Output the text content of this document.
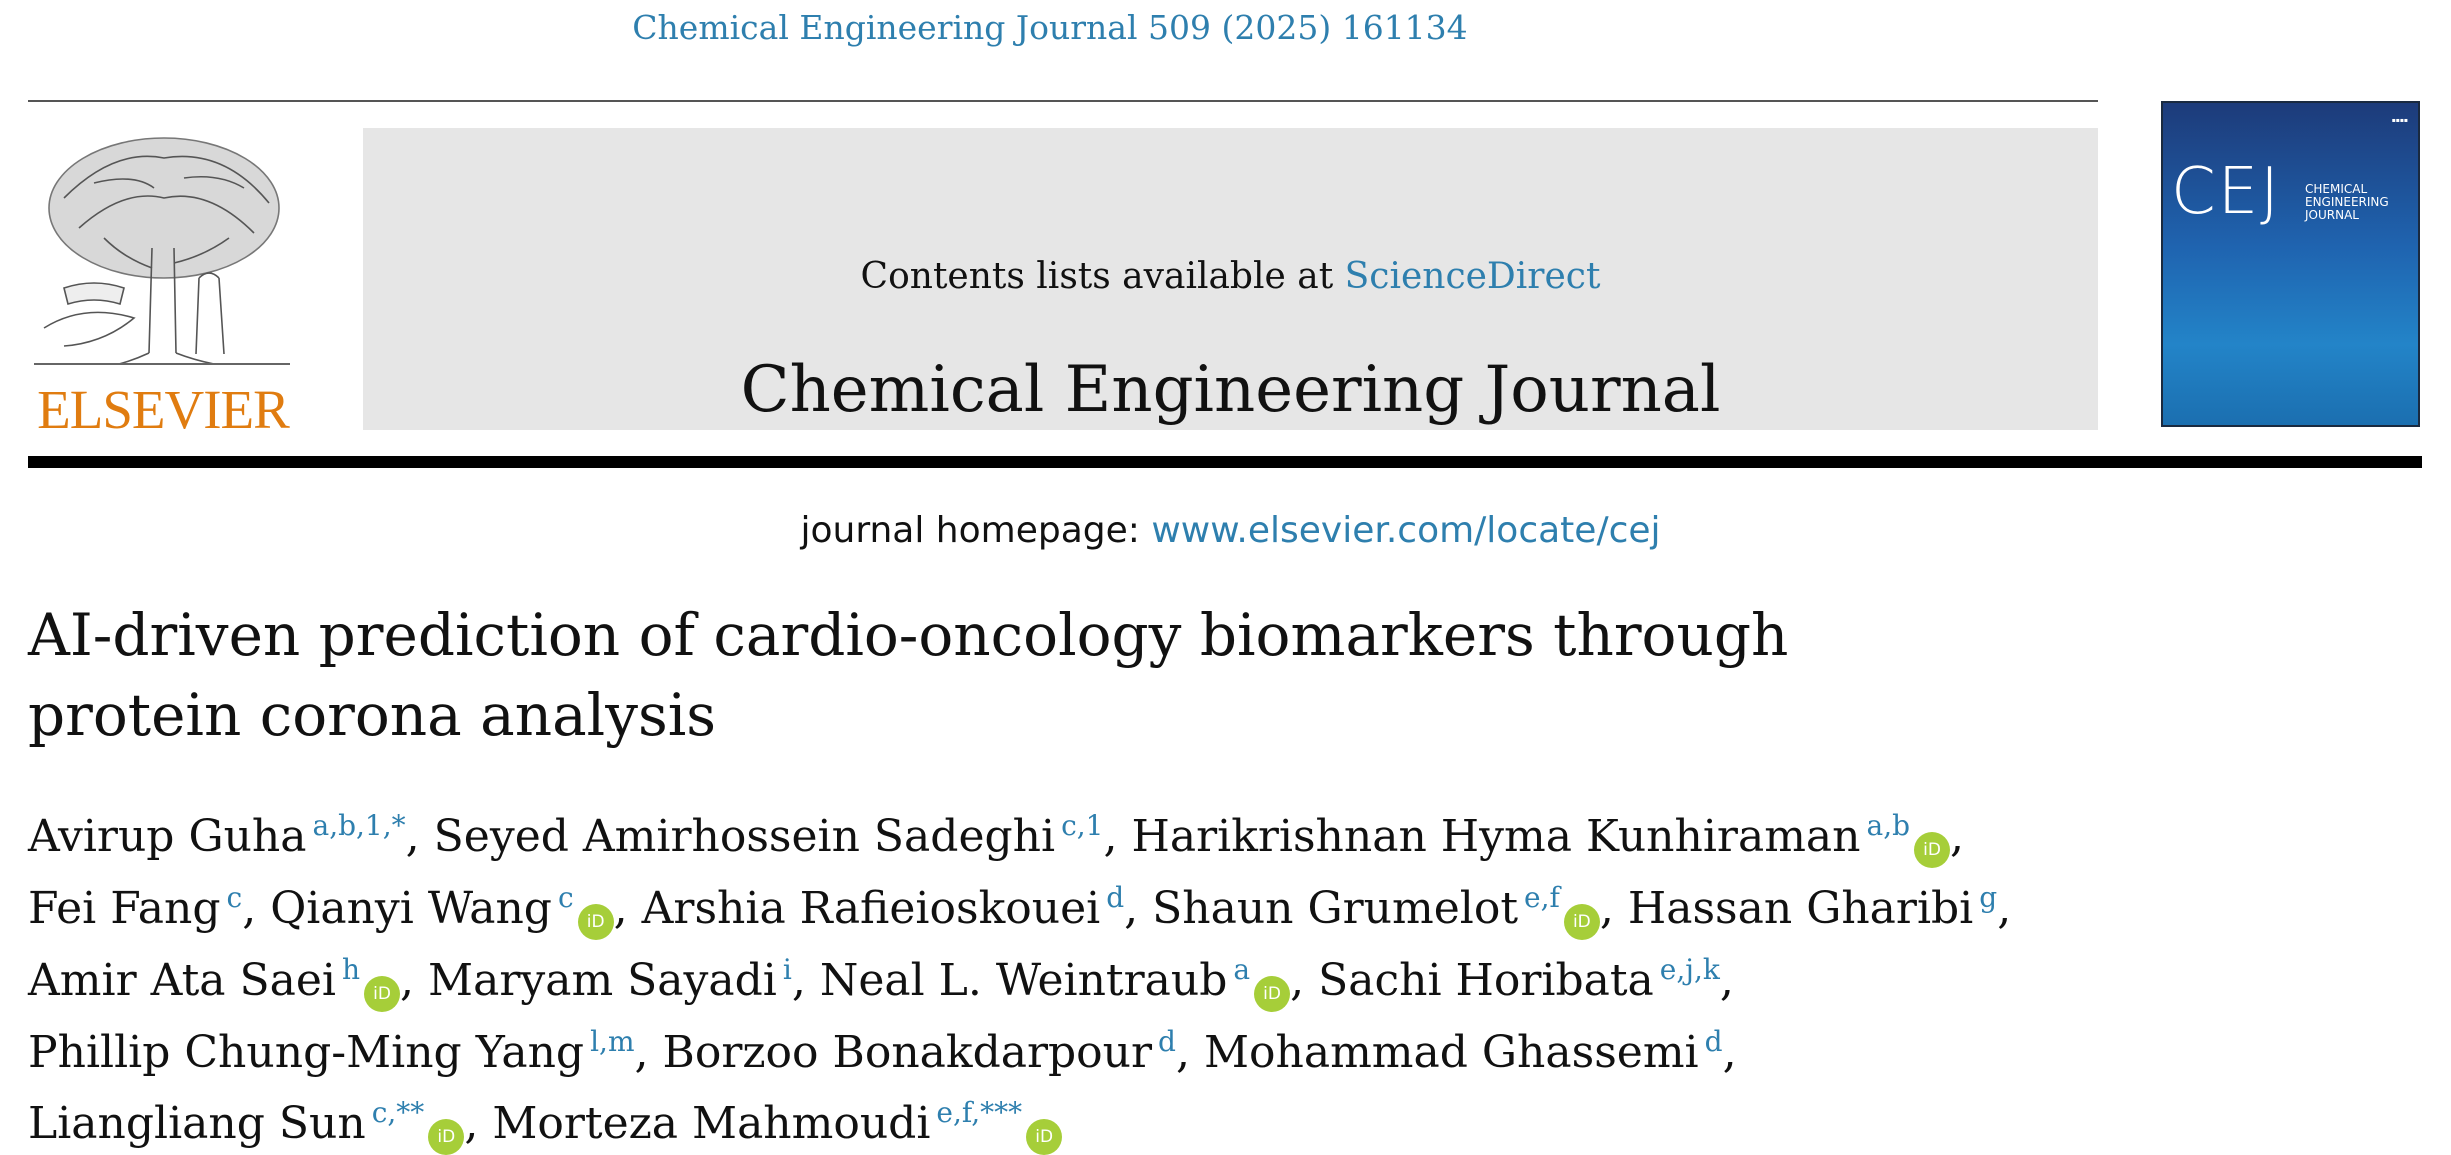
Chemical Engineering Journal 509 (2025) 161134
ELSEVIER
Contents lists available at ScienceDirect
Chemical Engineering Journal
journal homepage: www.elsevier.com/locate/cej
▪▪▪▪
CEJ CHEMICAL
ENGINEERING
JOURNAL
AI-driven prediction of cardio-oncology biomarkers through protein corona analysis
Avirup Guha $^{a,b,1,*}$, Seyed Amirhossein Sadeghi $^{c,1}$, Harikrishnan Hyma Kunhiraman $^{a,b}$iD ,
Fei Fang $^c$, Qianyi Wang $^c$iD , Arshia Rafieioskouei $^d$, Shaun Grumelot $^{e,f}$iD , Hassan Gharibi $^g$,
Amir Ata Saei $^h$iD , Maryam Sayadi $^i$, Neal L. Weintraub $^a$iD , Sachi Horibata $^{e,j,k}$,
Phillip Chung-Ming Yang $^{l,m}$, Borzoo Bonakdarpour $^d$, Mohammad Ghassemi $^d$,
Liangliang Sun $^{c,**}$iD , Morteza Mahmoudi $^{e,f,***}$iD
